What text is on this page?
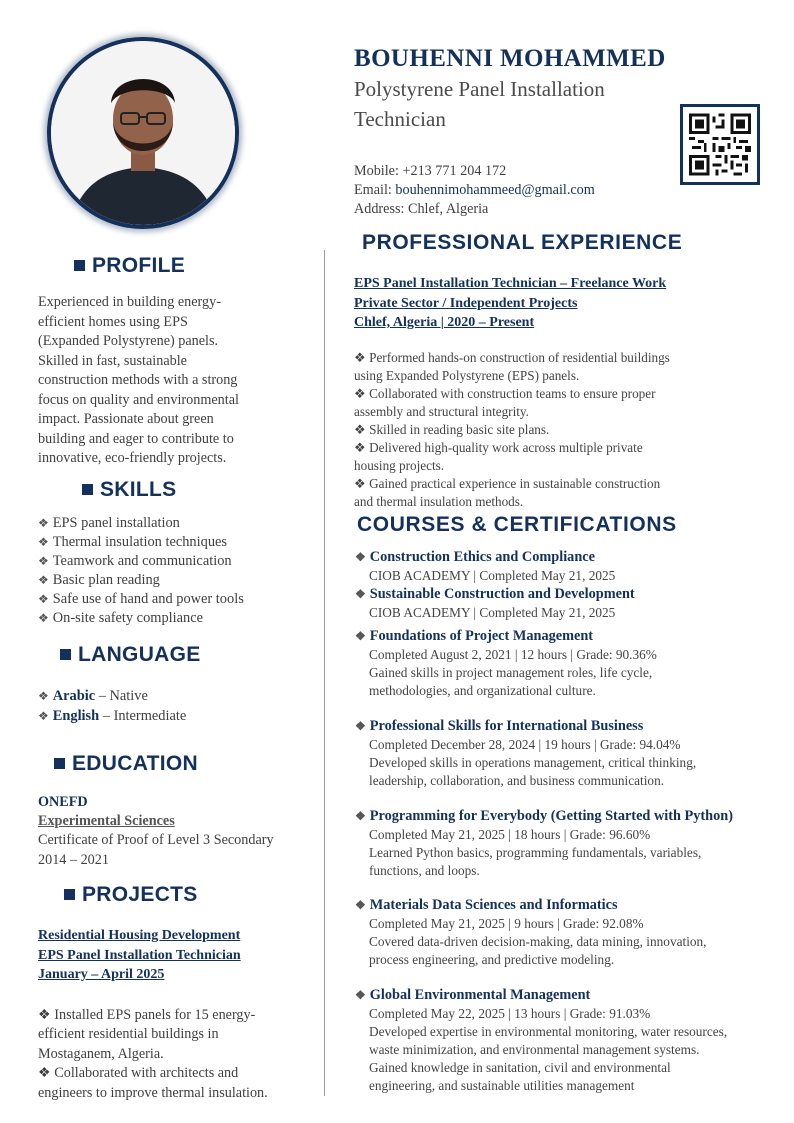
BOUHENNI MOHAMMED
Polystyrene Panel Installation
Technician
Mobile: +213 771 204 172
Email: bouhennimohammeed@gmail.com
Address: Chlef, Algeria
PROFILE
Experienced in building energy-
efficient homes using EPS
(Expanded Polystyrene) panels.
Skilled in fast, sustainable
construction methods with a strong
focus on quality and environmental
impact. Passionate about green
building and eager to contribute to
innovative, eco-friendly projects.
SKILLS
❖ EPS panel installation
❖ Thermal insulation techniques
❖ Teamwork and communication
❖ Basic plan reading
❖ Safe use of hand and power tools
❖ On-site safety compliance
LANGUAGE
❖ Arabic – Native
❖ English – Intermediate
EDUCATION
ONEFD
Experimental Sciences
Certificate of Proof of Level 3 Secondary
2014 – 2021
PROJECTS
Residential Housing Development
EPS Panel Installation Technician
January – April 2025
❖ Installed EPS panels for 15 energy-
efficient residential buildings in
Mostaganem, Algeria.
❖ Collaborated with architects and
engineers to improve thermal insulation.
PROFESSIONAL EXPERIENCE
EPS Panel Installation Technician – Freelance Work
Private Sector / Independent Projects
Chlef, Algeria | 2020 – Present
❖ Performed hands-on construction of residential buildings
using Expanded Polystyrene (EPS) panels.
❖ Collaborated with construction teams to ensure proper
assembly and structural integrity.
❖ Skilled in reading basic site plans.
❖ Delivered high-quality work across multiple private
housing projects.
❖ Gained practical experience in sustainable construction
and thermal insulation methods.
COURSES & CERTIFICATIONS
❖ Construction Ethics and Compliance
CIOB ACADEMY | Completed May 21, 2025
❖ Sustainable Construction and Development
CIOB ACADEMY | Completed May 21, 2025
❖ Foundations of Project Management
Completed August 2, 2021 | 12 hours | Grade: 90.36%
Gained skills in project management roles, life cycle,
methodologies, and organizational culture.
❖ Professional Skills for International Business
Completed December 28, 2024 | 19 hours | Grade: 94.04%
Developed skills in operations management, critical thinking,
leadership, collaboration, and business communication.
❖ Programming for Everybody (Getting Started with Python)
Completed May 21, 2025 | 18 hours | Grade: 96.60%
Learned Python basics, programming fundamentals, variables,
functions, and loops.
❖ Materials Data Sciences and Informatics
Completed May 21, 2025 | 9 hours | Grade: 92.08%
Covered data-driven decision-making, data mining, innovation,
process engineering, and predictive modeling.
❖ Global Environmental Management
Completed May 22, 2025 | 13 hours | Grade: 91.03%
Developed expertise in environmental monitoring, water resources,
waste minimization, and environmental management systems.
Gained knowledge in sanitation, civil and environmental
engineering, and sustainable utilities management
